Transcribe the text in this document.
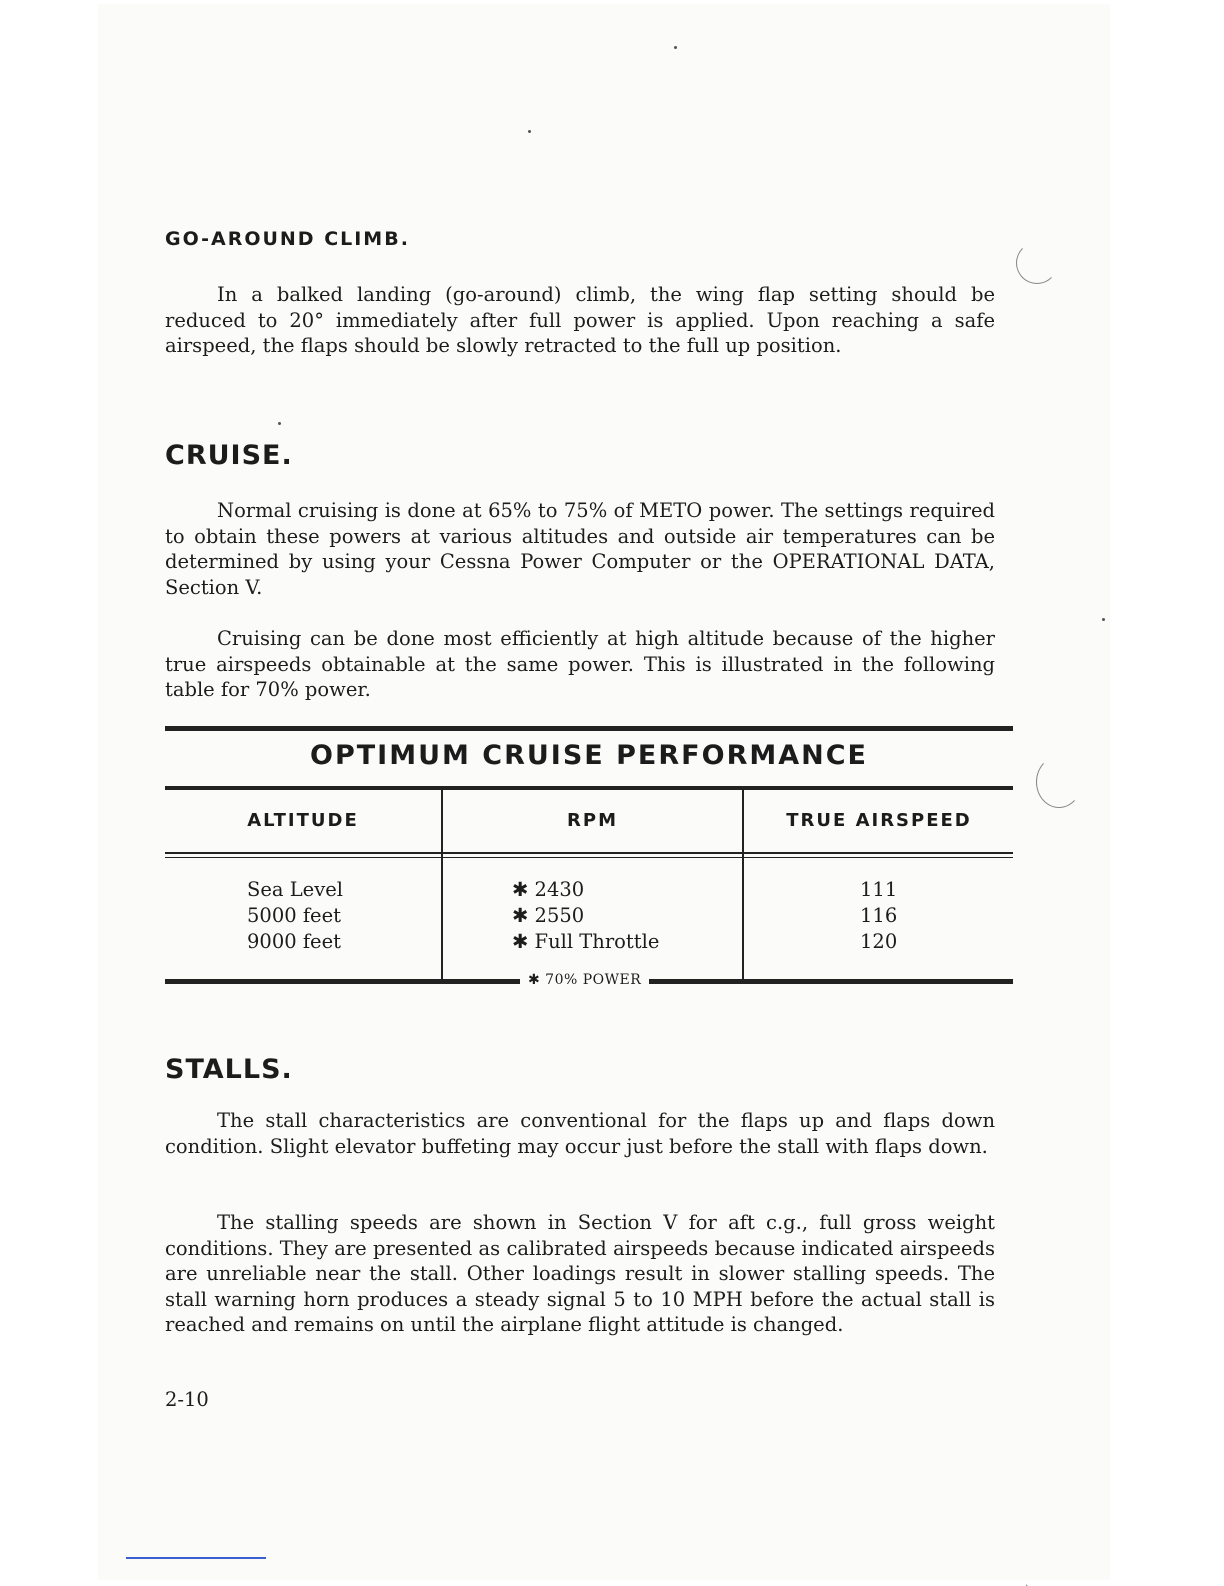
GO-AROUND CLIMB.

In a balked landing (go-around) climb, the wing flap setting should be reduced to 20° immediately after full power is applied. Upon reaching a safe airspeed, the flaps should be slowly retracted to the full up position.

CRUISE.

Normal cruising is done at 65% to 75% of METO power. The settings required to obtain these powers at various altitudes and outside air temperatures can be determined by using your Cessna Power Computer or the OPERATIONAL DATA, Section V.

Cruising can be done most efficiently at high altitude because of the higher true airspeeds obtainable at the same power. This is illustrated in the following table for 70% power.

OPTIMUM CRUISE PERFORMANCE
ALTITUDE	RPM	TRUE AIRSPEED
Sea Level
5000 feet
9000 feet
✱ 2430
✱ 2550
✱ Full Throttle
111
116
120
✱ 70% POWER
STALLS.

The stall characteristics are conventional for the flaps up and flaps down condition. Slight elevator buffeting may occur just before the stall with flaps down.

The stalling speeds are shown in Section V for aft c.g., full gross weight conditions. They are presented as calibrated airspeeds because indicated airspeeds are unreliable near the stall. Other loadings result in slower stalling speeds. The stall warning horn produces a steady signal 5 to 10 MPH before the actual stall is reached and remains on until the airplane flight attitude is changed.

2-10
